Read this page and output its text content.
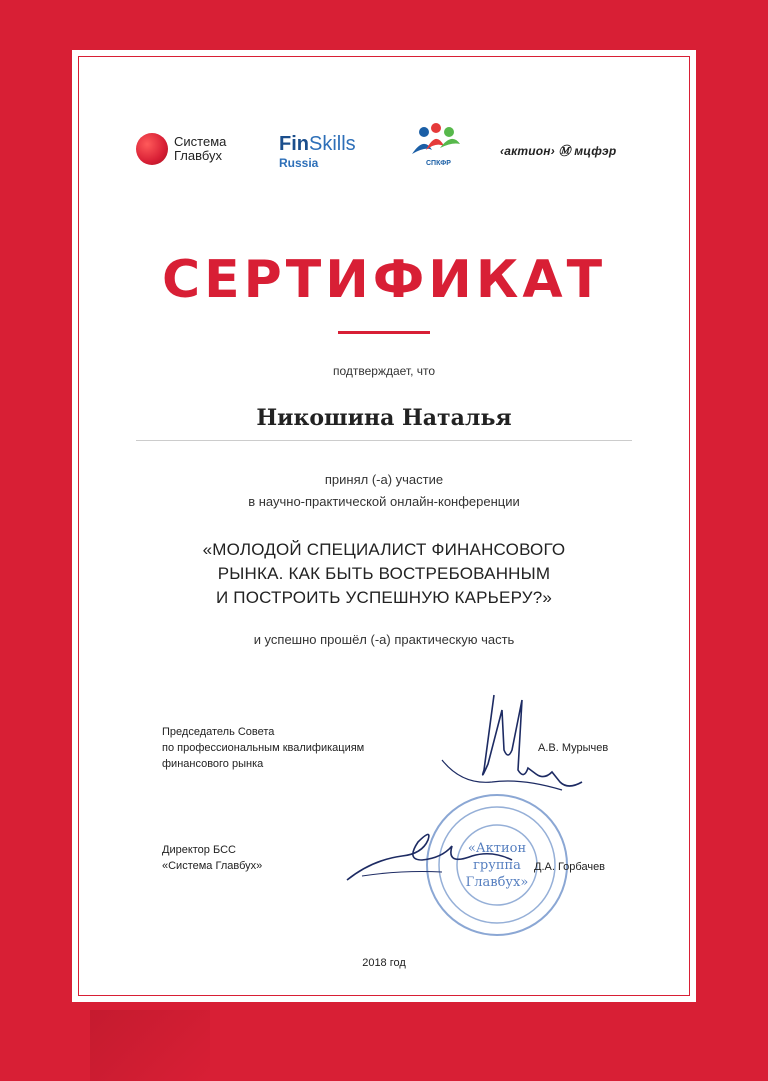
Система
Главбух
FinSkills
Russia	СПКФР
‹актион› Ⓜ мцфэр
СЕРТИФИКАТ
подтверждает, что
Никошина Наталья
принял (-а) участие
в научно-практической онлайн-конференции
«МОЛОДОЙ СПЕЦИАЛИСТ ФИНАНСОВОГО
РЫНКА. КАК БЫТЬ ВОСТРЕБОВАННЫМ
И ПОСТРОИТЬ УСПЕШНУЮ КАРЬЕРУ?»
и успешно прошёл (-а) практическую часть
Председатель Совета
по профессиональным квалификациям
финансового рынка
А.В. Мурычев
Директор БСС
«Система Главбух»
«Актион
группа
Главбух»
Д.А. Горбачев
2018 год
